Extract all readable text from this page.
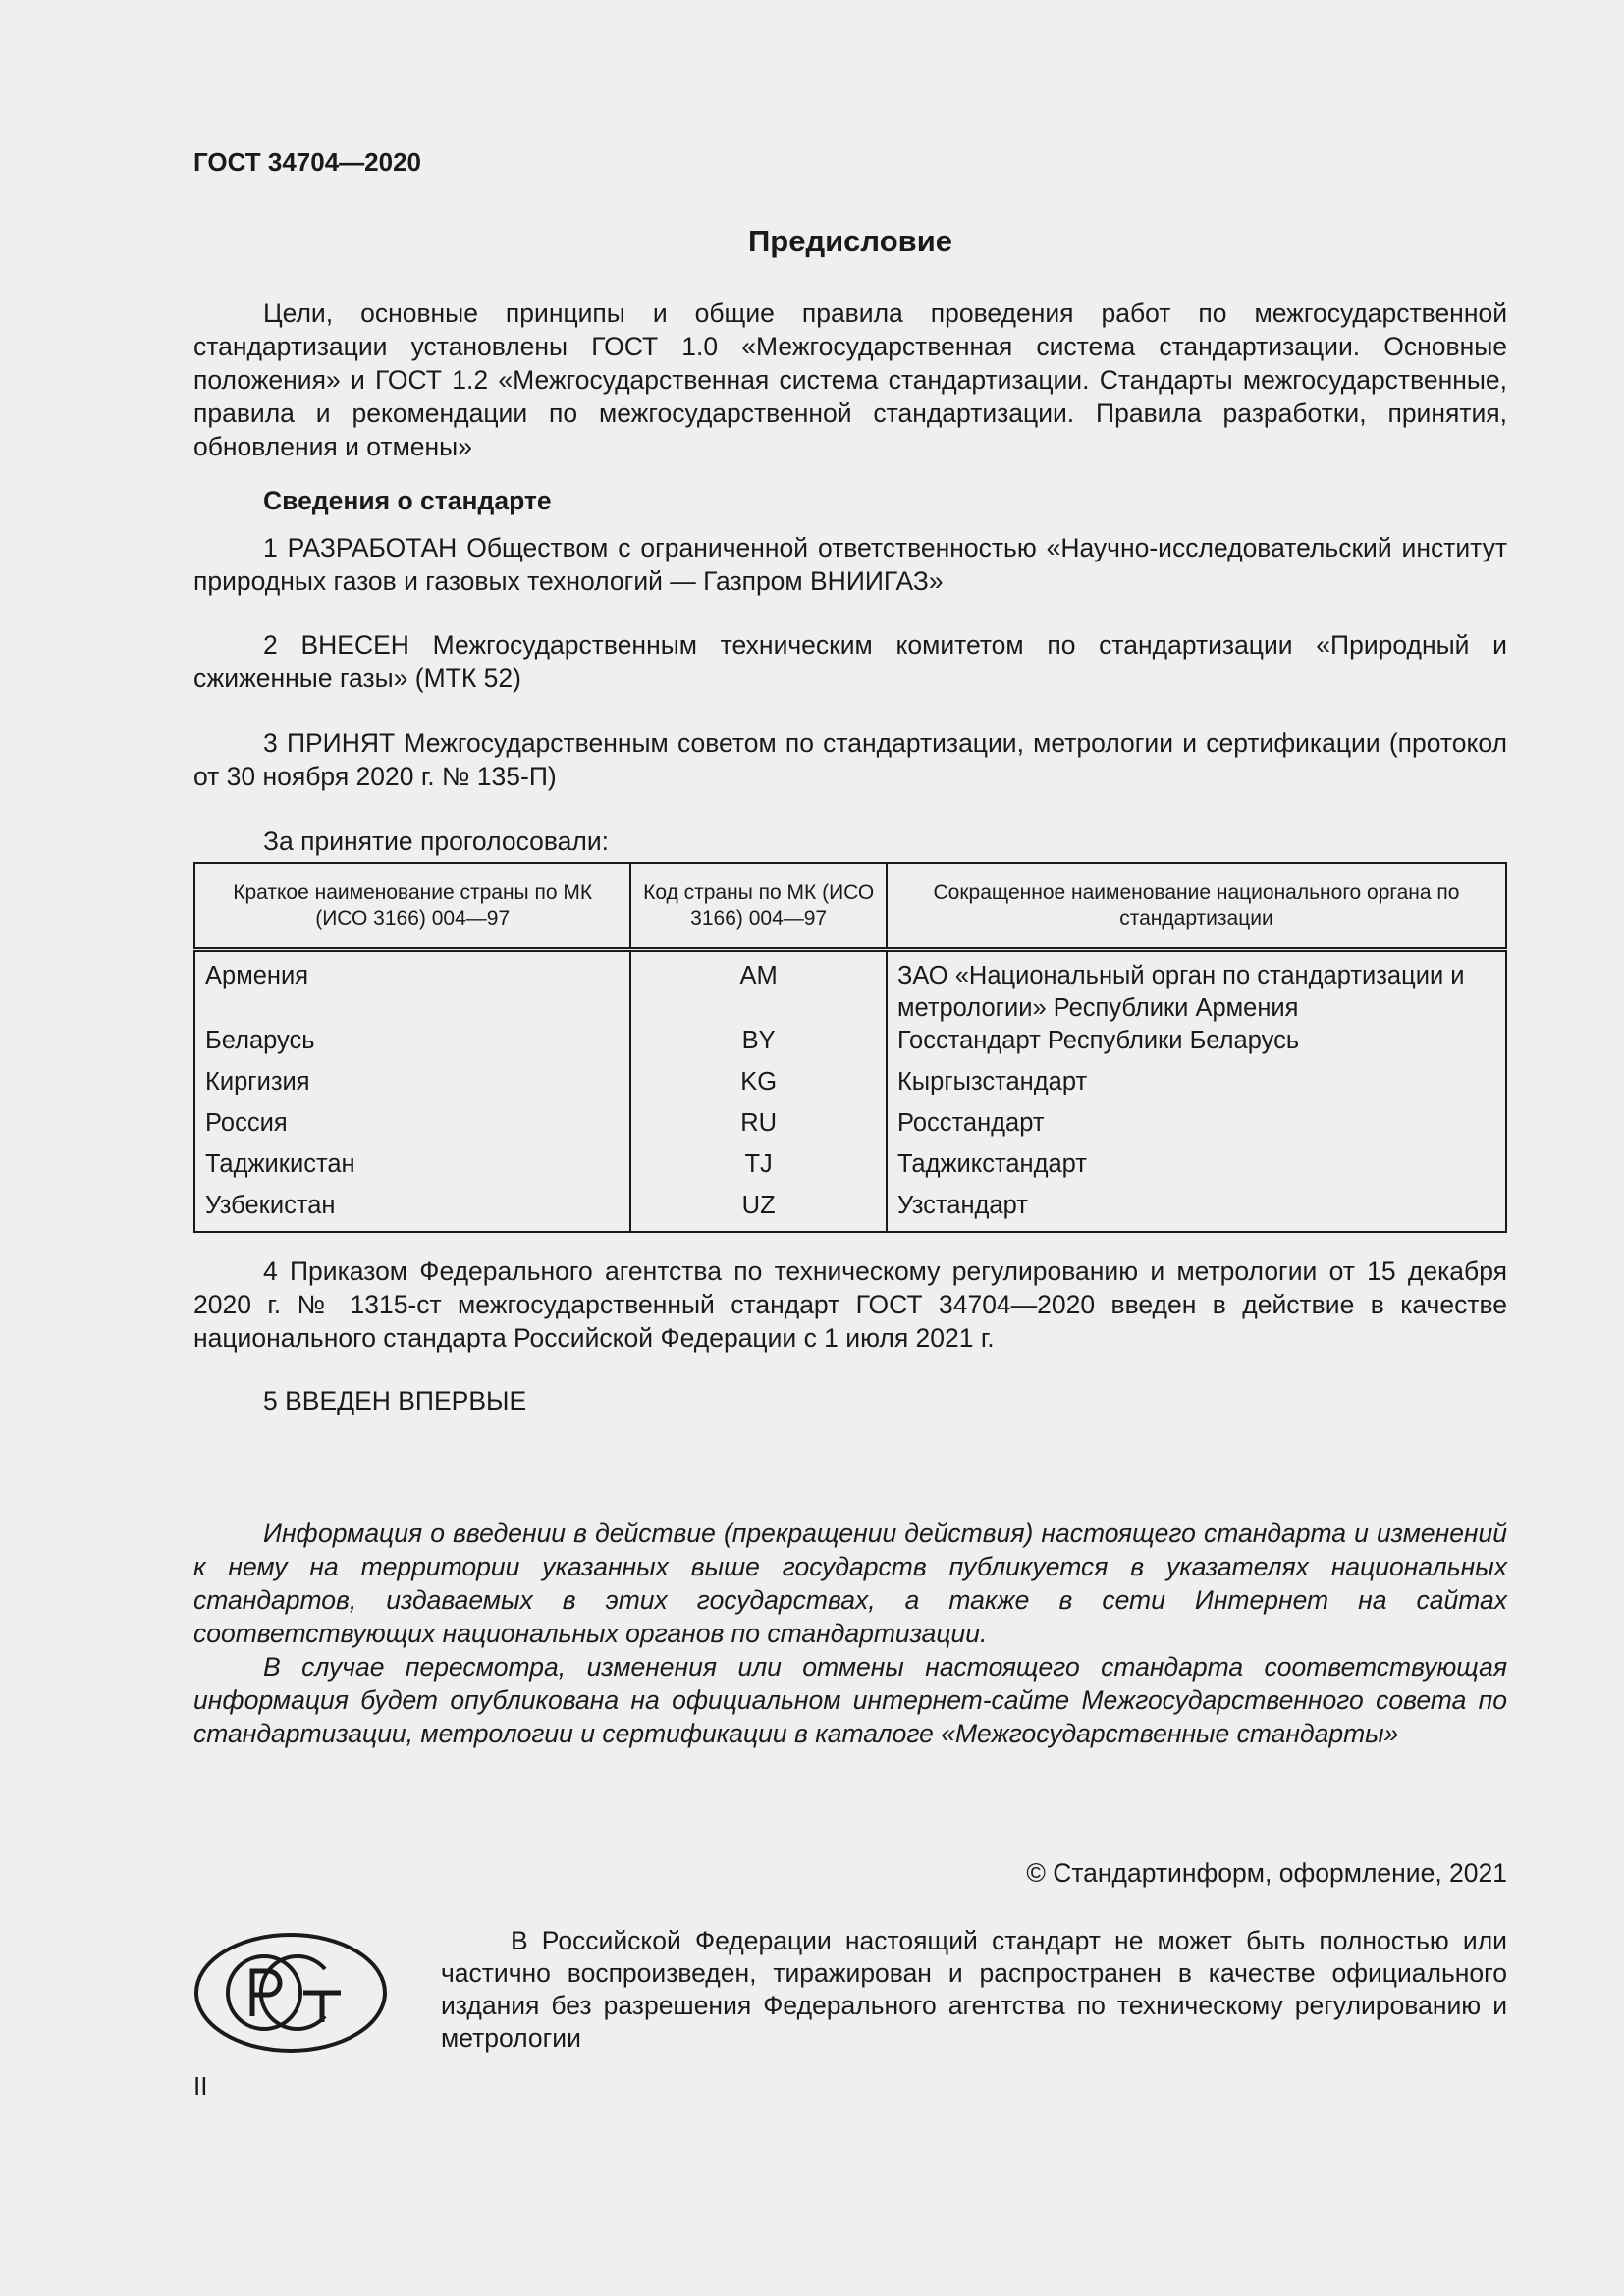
ГОСТ 34704—2020
Предисловие

Цели, основные принципы и общие правила проведения работ по межгосударственной стандартизации установлены ГОСТ 1.0 «Межгосударственная система стандартизации. Основные положения» и ГОСТ 1.2 «Межгосударственная система стандартизации. Стандарты межгосударственные, правила и рекомендации по межгосударственной стандартизации. Правила разработки, принятия, обновления и отмены»

Сведения о стандарте

1 РАЗРАБОТАН Обществом с ограниченной ответственностью «Научно-исследовательский институт природных газов и газовых технологий — Газпром ВНИИГАЗ»

2 ВНЕСЕН Межгосударственным техническим комитетом по стандартизации «Природный и сжиженные газы» (МТК 52)

3 ПРИНЯТ Межгосударственным советом по стандартизации, метрологии и сертификации (протокол от 30 ноября 2020 г. № 135-П)

За принятие проголосовали:

Краткое наименование страны по МК (ИСО 3166) 004—97	Код страны по МК (ИСО 3166) 004—97	Сокращенное наименование национального органа по стандартизации
Армения	AM	ЗАО «Национальный орган по стандартизации и метрологии» Республики Армения
Беларусь	BY	Госстандарт Республики Беларусь
Киргизия	KG	Кыргызстандарт
Россия	RU	Росстандарт
Таджикистан	TJ	Таджикстандарт
Узбекистан	UZ	Узстандарт

4 Приказом Федерального агентства по техническому регулированию и метрологии от 15 декабря 2020 г. № 1315-ст межгосударственный стандарт ГОСТ 34704—2020 введен в действие в качестве национального стандарта Российской Федерации с 1 июля 2021 г.

5 ВВЕДЕН ВПЕРВЫЕ

Информация о введении в действие (прекращении действия) настоящего стандарта и изменений к нему на территории указанных выше государств публикуется в указателях национальных стандартов, издаваемых в этих государствах, а также в сети Интернет на сайтах соответствующих национальных органов по стандартизации.

В случае пересмотра, изменения или отмены настоящего стандарта соответствующая информация будет опубликована на официальном интернет-сайте Межгосударственного совета по стандартизации, метрологии и сертификации в каталоге «Межгосударственные стандарты»

© Стандартинформ, оформление, 2021
В Российской Федерации настоящий стандарт не может быть полностью или частично воспроизведен, тиражирован и распространен в качестве официального издания без разрешения Федерального агентства по техническому регулированию и метрологии
II
